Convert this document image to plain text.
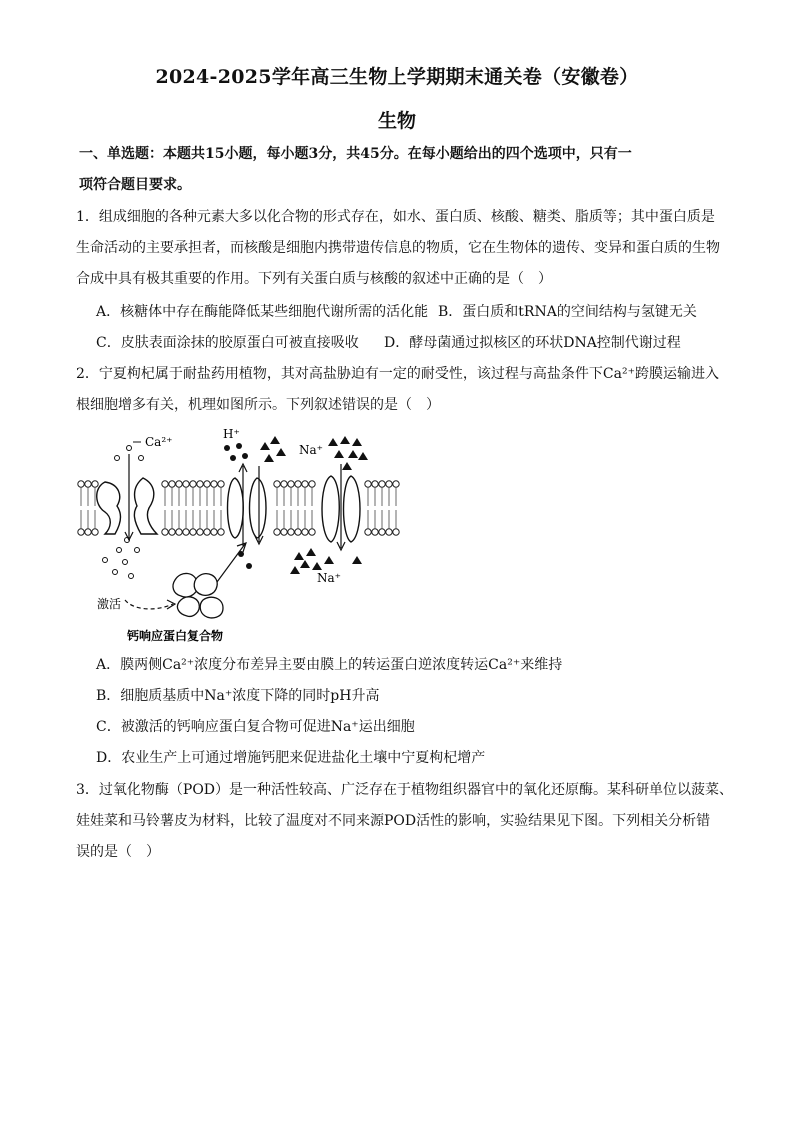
2024-2025学年高三生物上学期期末通关卷（安徽卷）
生物
一、单选题：本题共15小题，每小题3分，共45分。在每小题给出的四个选项中，只有一
项符合题目要求。
1．组成细胞的各种元素大多以化合物的形式存在，如水、蛋白质、核酸、糖类、脂质等；其中蛋白质是
生命活动的主要承担者，而核酸是细胞内携带遗传信息的物质，它在生物体的遗传、变异和蛋白质的生物
合成中具有极其重要的作用。下列有关蛋白质与核酸的叙述中正确的是（　）
A．核糖体中存在酶能降低某些细胞代谢所需的活化能 B．蛋白质和tRNA的空间结构与氢键无关
C．皮肤表面涂抹的胶原蛋白可被直接吸收 D．酵母菌通过拟核区的环状DNA控制代谢过程
2．宁夏枸杞属于耐盐药用植物，其对高盐胁迫有一定的耐受性，该过程与高盐条件下Ca²⁺跨膜运输进入
根细胞增多有关，机理如图所示。下列叙述错误的是（　）
Ca²⁺
H⁺
Na⁺
Na⁺
激活
钙响应蛋白复合物
A．膜两侧Ca²⁺浓度分布差异主要由膜上的转运蛋白逆浓度转运Ca²⁺来维持
B．细胞质基质中Na⁺浓度下降的同时pH升高
C．被激活的钙响应蛋白复合物可促进Na⁺运出细胞
D．农业生产上可通过增施钙肥来促进盐化土壤中宁夏枸杞增产
3．过氧化物酶（POD）是一种活性较高、广泛存在于植物组织器官中的氧化还原酶。某科研单位以菠菜、
娃娃菜和马铃薯皮为材料，比较了温度对不同来源POD活性的影响，实验结果见下图。下列相关分析错
误的是（　）
